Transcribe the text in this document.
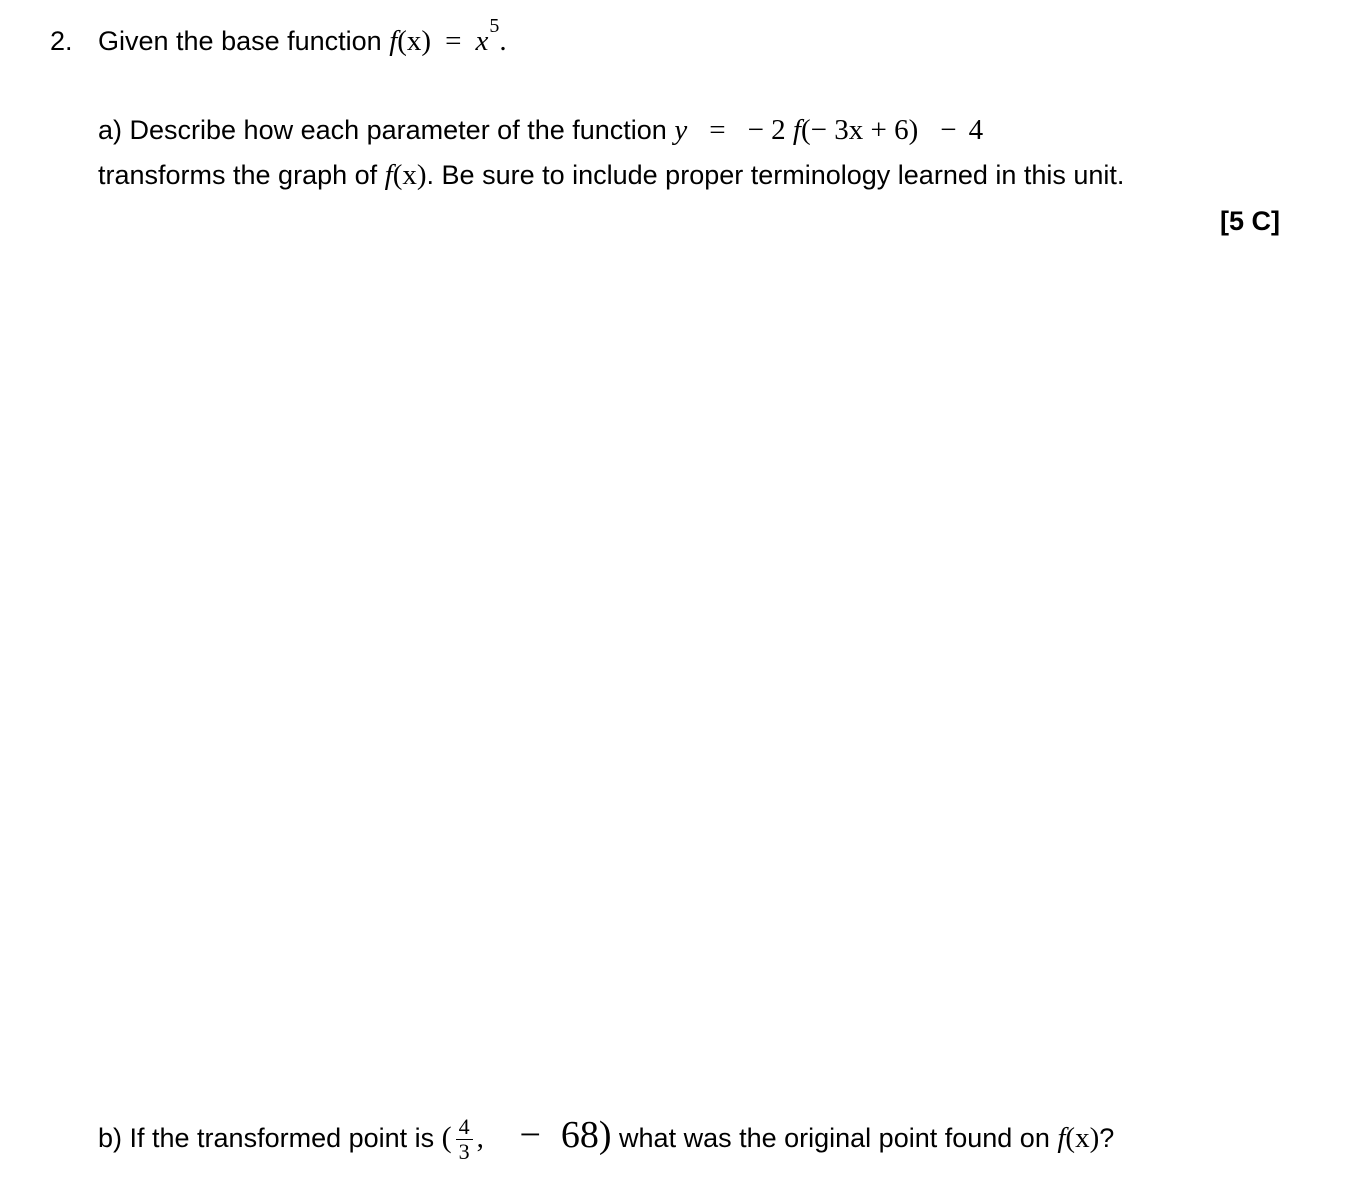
2. Given the base function $f(x) = x^5$.
a) Describe how each parameter of the function y = − 2 f(− 3x + 6) − 4
transforms the graph of f(x). Be sure to include proper terminology learned in this unit.
[5 C]
b) If the transformed point is ( $\frac{4}{3}$ , − 68) what was the original point found on f(x)?
